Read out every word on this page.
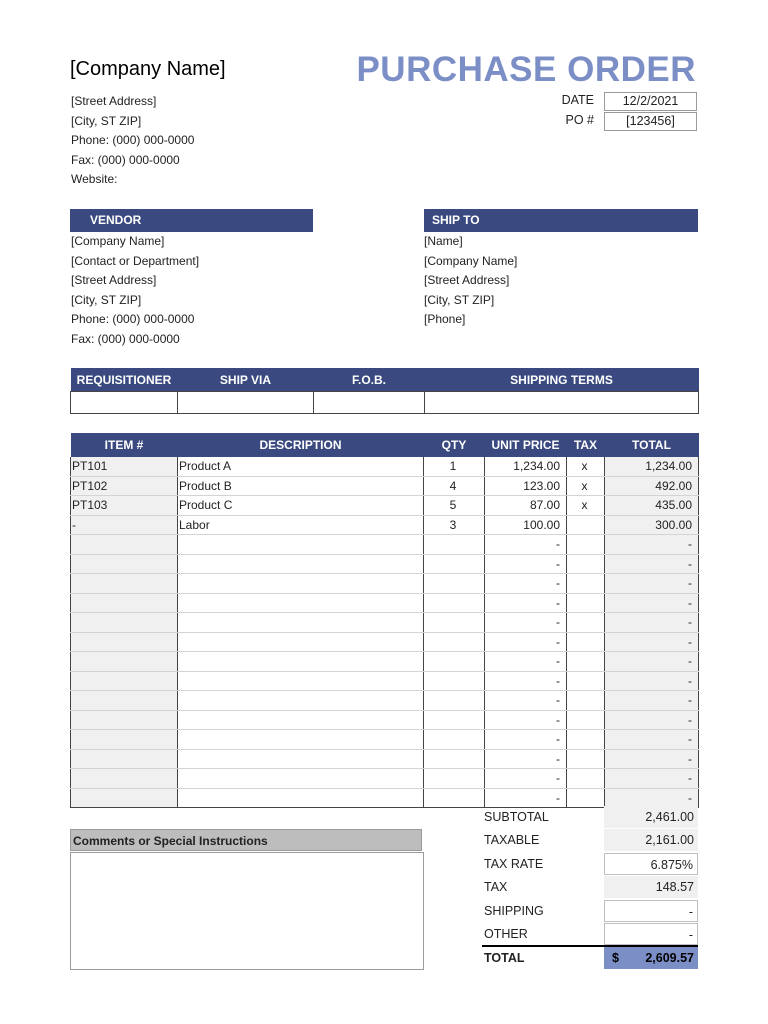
[Company Name]
[Street Address]
[City, ST ZIP]
Phone: (000) 000-0000
Fax: (000) 000-0000
Website:
PURCHASE ORDER
DATE	12/2/2021
PO #	[123456]
VENDOR
[Company Name]
[Contact or Department]
[Street Address]
[City, ST ZIP]
Phone: (000) 000-0000
Fax: (000) 000-0000
SHIP TO
[Name]
[Company Name]
[Street Address]
[City, ST ZIP]
[Phone]
REQUISITIONER	SHIP VIA	F.O.B.	SHIPPING TERMS

ITEM #	DESCRIPTION	QTY	UNIT PRICE	TAX	TOTAL
PT101	Product A	1	1,234.00	x	1,234.00
PT102	Product B	4	123.00	x	492.00
PT103	Product C	5	87.00	x	435.00
-	Labor	3	100.00		300.00
			-		-
			-		-
			-		-
			-		-
			-		-
			-		-
			-		-
			-		-
			-		-
			-		-
			-		-
			-		-
			-		-
			-		-
Comments or Special Instructions
SUBTOTAL	2,461.00
TAXABLE	2,161.00
TAX RATE	6.875%
TAX	148.57
SHIPPING	-
OTHER	-
TOTAL	$ 2,609.57
